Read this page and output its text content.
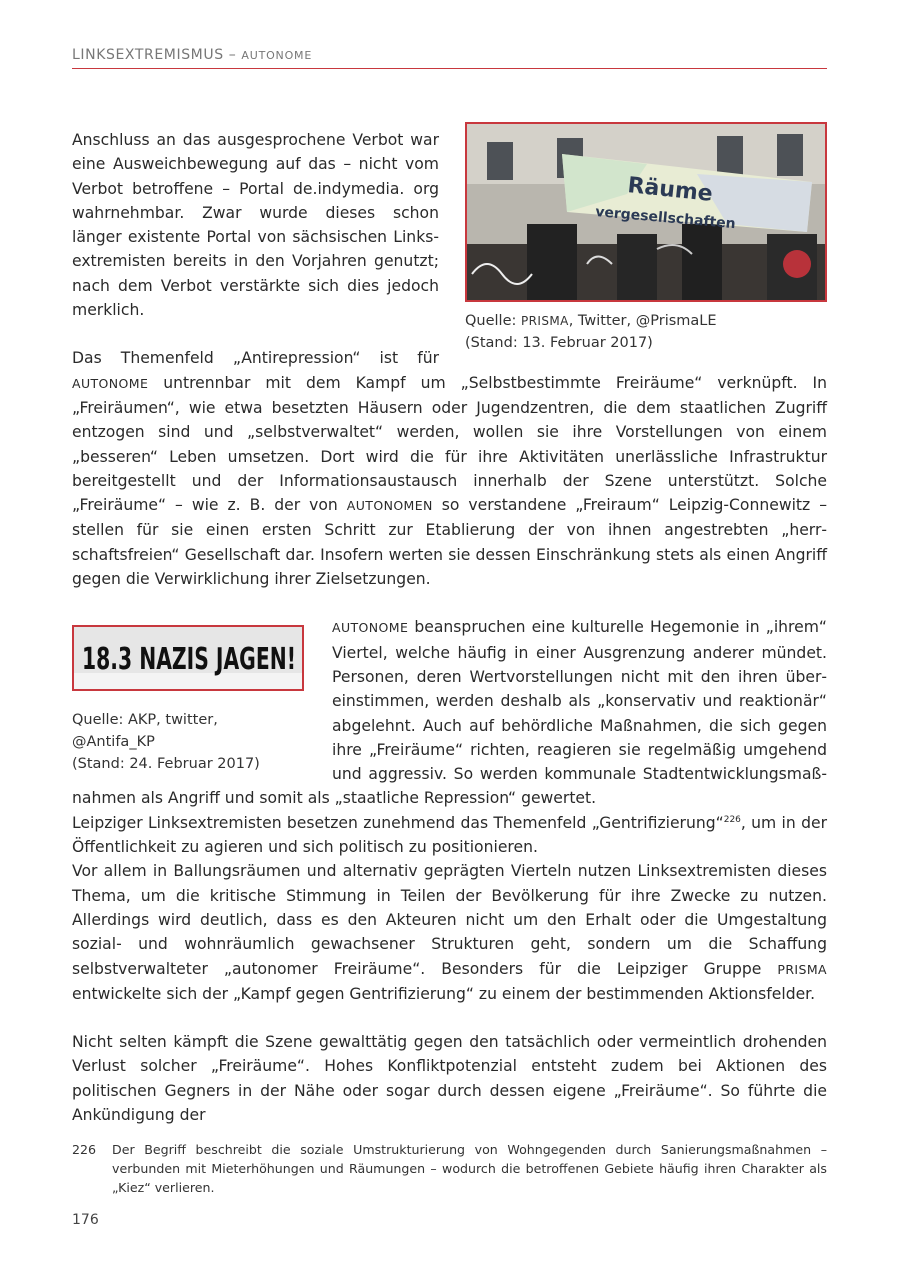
LINKSEXTREMISMUS – AUTONOME
Räume
vergesellschaften
Quelle: PRISMA, Twitter, @PrismaLE
(Stand: 13. Februar 2017)

Anschluss an das ausgesprochene Verbot war eine Ausweichbewegung auf das – nicht vom Verbot betroffene – Portal de.indymedia. org wahrnehmbar. Zwar wurde dieses schon länger existente Portal von sächsischen Linksextremisten bereits in den Vorjahren genutzt; nach dem Verbot verstärkte sich dies jedoch merklich.

Das Themenfeld „Antirepression“ ist für AUTONOME untrennbar mit dem Kampf um „Selbstbestimmte Freiräume“ verknüpft. In „Freiräumen“, wie etwa besetzten Häusern oder Jugendzentren, die dem staatlichen Zugriff entzogen sind und „selbstverwaltet“ werden, wollen sie ihre Vorstellungen von einem „besseren“ Leben umsetzen. Dort wird die für ihre Aktivitäten unerlässliche Infrastruktur bereitgestellt und der Informationsaustausch innerhalb der Szene unterstützt. Solche „Freiräume“ – wie z. B. der von AUTONOMEN so verstandene „Freiraum“ Leipzig-Connewitz – stellen für sie einen ersten Schritt zur Etablierung der von ihnen angestrebten „herrschaftsfreien“ Gesellschaft dar. Insofern werten sie dessen Einschränkung stets als einen Angriff gegen die Verwirklichung ihrer Zielsetzungen.

18.3 NAZIS JAGEN!
Quelle: AKP, twitter, @Antifa_KP
(Stand: 24. Februar 2017)

AUTONOME beanspruchen eine kulturelle Hegemonie in „ihrem“ Viertel, welche häufig in einer Ausgrenzung anderer mündet. Personen, deren Wertvorstellungen nicht mit den ihren übereinstimmen, werden deshalb als „konservativ und reaktionär“ abgelehnt. Auch auf behördliche Maßnahmen, die sich gegen ihre „Freiräume“ richten, reagieren sie regelmäßig umgehend und aggressiv. So werden kommunale Stadtentwicklungsmaßnahmen als Angriff und somit als „staatliche Repression“ gewertet.

Leipziger Linksextremisten besetzen zunehmend das Themenfeld „Gentrifizierung“$^{226}$, um in der Öffentlichkeit zu agieren und sich politisch zu positionieren.

Vor allem in Ballungsräumen und alternativ geprägten Vierteln nutzen Linksextremisten dieses Thema, um die kritische Stimmung in Teilen der Bevölkerung für ihre Zwecke zu nutzen. Allerdings wird deutlich, dass es den Akteuren nicht um den Erhalt oder die Umgestaltung sozial- und wohnräumlich gewachsener Strukturen geht, sondern um die Schaffung selbstverwalteter „autonomer Freiräume“. Besonders für die Leipziger Gruppe PRISMA entwickelte sich der „Kampf gegen Gentrifizierung“ zu einem der bestimmenden Aktionsfelder.

Nicht selten kämpft die Szene gewalttätig gegen den tatsächlich oder vermeintlich drohenden Verlust solcher „Freiräume“. Hohes Konfliktpotenzial entsteht zudem bei Aktionen des politischen Gegners in der Nähe oder sogar durch dessen eigene „Freiräume“. So führte die Ankündigung der

226 Der Begriff beschreibt die soziale Umstrukturierung von Wohngegenden durch Sanierungsmaßnahmen – verbunden mit Mieterhöhungen und Räumungen – wodurch die betroffenen Gebiete häufig ihren Charakter als „Kiez“ verlieren.
176
